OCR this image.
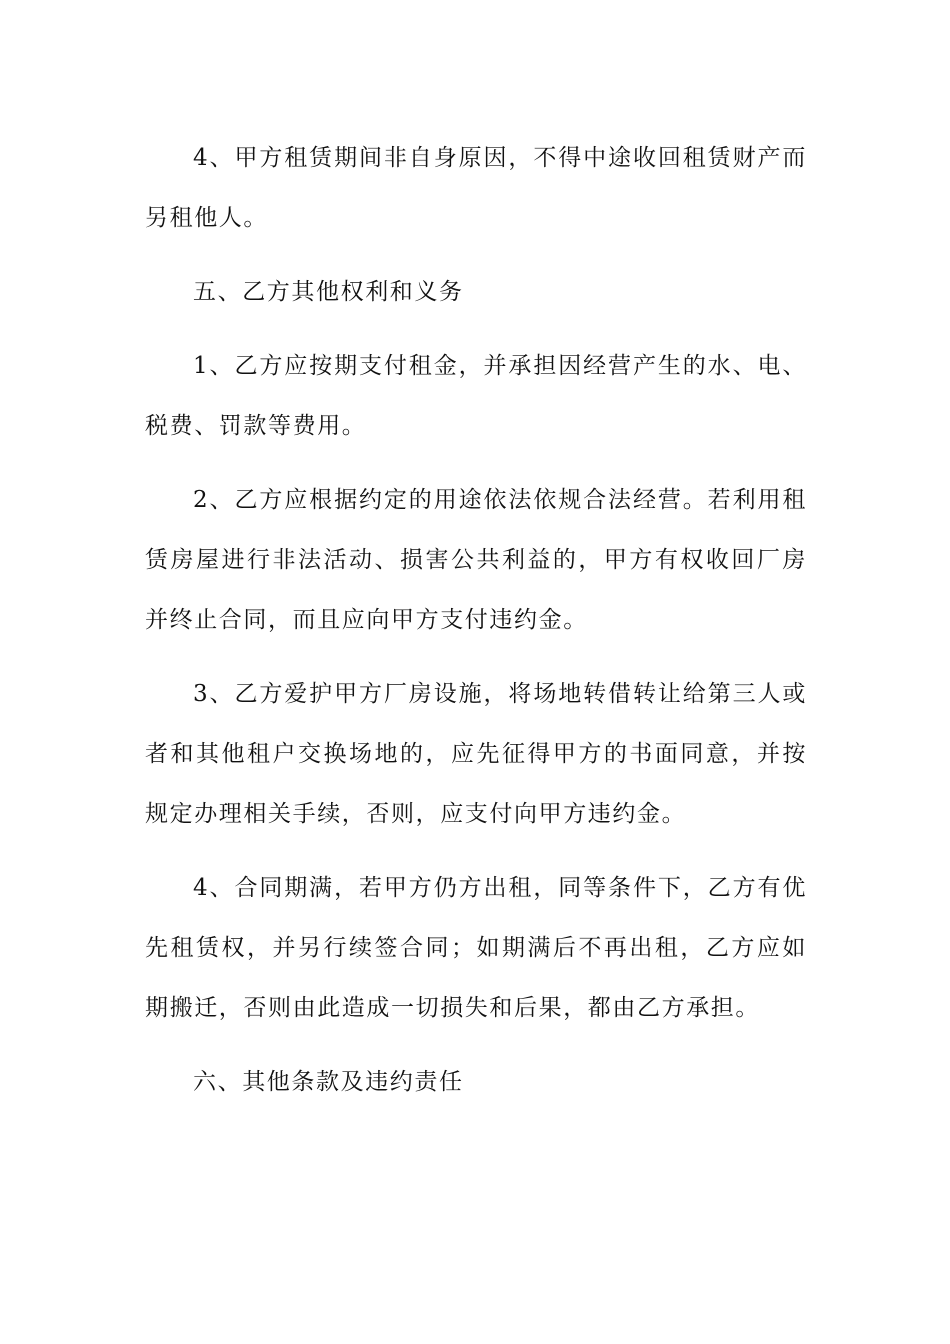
4、甲方租赁期间非自身原因，不得中途收回租赁财产而另租他人。

五、乙方其他权利和义务

1、乙方应按期支付租金，并承担因经营产生的水、电、税费、罚款等费用。

2、乙方应根据约定的用途依法依规合法经营。若利用租赁房屋进行非法活动、损害公共利益的，甲方有权收回厂房并终止合同，而且应向甲方支付违约金。

3、乙方爱护甲方厂房设施，将场地转借转让给第三人或者和其他租户交换场地的，应先征得甲方的书面同意，并按规定办理相关手续，否则，应支付向甲方违约金。

4、合同期满，若甲方仍方出租，同等条件下，乙方有优先租赁权，并另行续签合同；如期满后不再出租，乙方应如期搬迁，否则由此造成一切损失和后果，都由乙方承担。

六、其他条款及违约责任
